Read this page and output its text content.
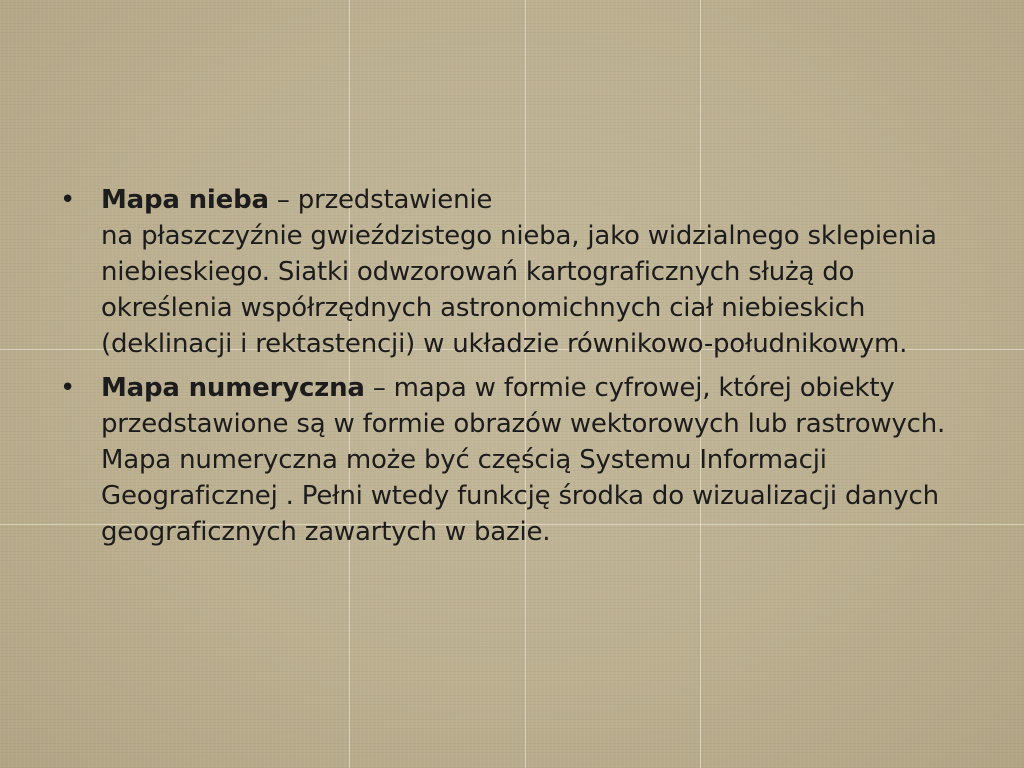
• Mapa nieba – przedstawienie
na płaszczyźnie gwieździstego nieba, jako widzialnego sklepienia niebieskiego. Siatki odwzorowań kartograficznych służą do określenia współrzędnych astronomichnych ciał niebieskich (deklinacji i rektastencji) w układzie równikowo-południkowym.
• Mapa numeryczna – mapa w formie cyfrowej, której obiekty przedstawione są w formie obrazów wektorowych lub rastrowych. Mapa numeryczna może być częścią Systemu Informacji Geograficznej . Pełni wtedy funkcję środka do wizualizacji danych geograficznych zawartych w bazie.
